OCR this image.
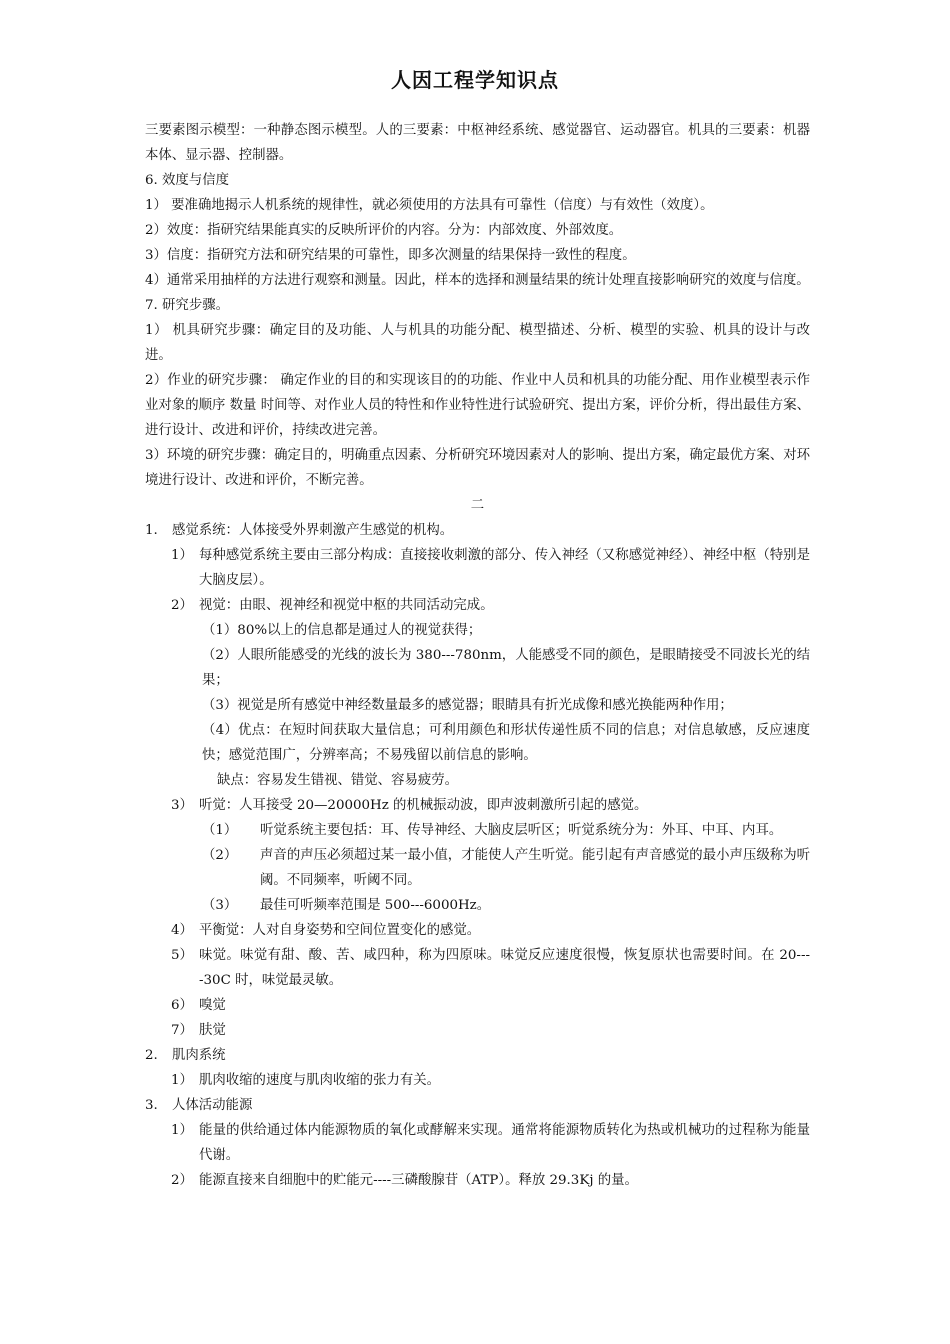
人因工程学知识点

三要素图示模型：一种静态图示模型。人的三要素：中枢神经系统、感觉器官、运动器官。机具的三要素：机器本体、显示器、控制器。

6. 效度与信度

1） 要准确地揭示人机系统的规律性，就必须使用的方法具有可靠性（信度）与有效性（效度）。

2）效度：指研究结果能真实的反映所评价的内容。分为：内部效度、外部效度。

3）信度：指研究方法和研究结果的可靠性，即多次测量的结果保持一致性的程度。

4）通常采用抽样的方法进行观察和测量。因此，样本的选择和测量结果的统计处理直接影响研究的效度与信度。

7. 研究步骤。

1） 机具研究步骤：确定目的及功能、人与机具的功能分配、模型描述、分析、模型的实验、机具的设计与改进。

2）作业的研究步骤： 确定作业的目的和实现该目的的功能、作业中人员和机具的功能分配、用作业模型表示作业对象的顺序 数量 时间等、对作业人员的特性和作业特性进行试验研究、提出方案，评价分析，得出最佳方案、进行设计、改进和评价，持续改进完善。

3）环境的研究步骤：确定目的，明确重点因素、分析研究环境因素对人的影响、提出方案，确定最优方案、对环境进行设计、改进和评价，不断完善。

二

1.	感觉系统：人体接受外界刺激产生感觉的机构。
1） 每种感觉系统主要由三部分构成：直接接收刺激的部分、传入神经（又称感觉神经）、神经中枢（特别是大脑皮层）。
2） 视觉：由眼、视神经和视觉中枢的共同活动完成。

（1）80%以上的信息都是通过人的视觉获得；

（2）人眼所能感受的光线的波长为 380---780nm，人能感受不同的颜色，是眼睛接受不同波长光的结果；

（3）视觉是所有感觉中神经数量最多的感觉器；眼睛具有折光成像和感光换能两种作用；

（4）优点：在短时间获取大量信息；可利用颜色和形状传递性质不同的信息；对信息敏感，反应速度快；感觉范围广，分辨率高；不易残留以前信息的影响。

缺点：容易发生错视、错觉、容易疲劳。

3） 听觉：人耳接受 20—20000Hz 的机械振动波，即声波刺激所引起的感觉。
（1）	听觉系统主要包括：耳、传导神经、大脑皮层听区；听觉系统分为：外耳、中耳、内耳。
（2）	声音的声压必须超过某一最小值，才能使人产生听觉。能引起有声音感觉的最小声压级称为听阈。不同频率，听阈不同。
（3）	最佳可听频率范围是 500---6000Hz。
4） 平衡觉：人对自身姿势和空间位置变化的感觉。
5） 味觉。味觉有甜、酸、苦、咸四种，称为四原味。味觉反应速度很慢，恢复原状也需要时间。在 20----30C 时，味觉最灵敏。
6） 嗅觉
7） 肤觉
2.	肌肉系统
1） 肌肉收缩的速度与肌肉收缩的张力有关。
3.	人体活动能源
1） 能量的供给通过体内能源物质的氧化或酵解来实现。通常将能源物质转化为热或机械功的过程称为能量代谢。
2） 能源直接来自细胞中的贮能元----三磷酸腺苷（ATP）。释放 29.3Kj 的量。
